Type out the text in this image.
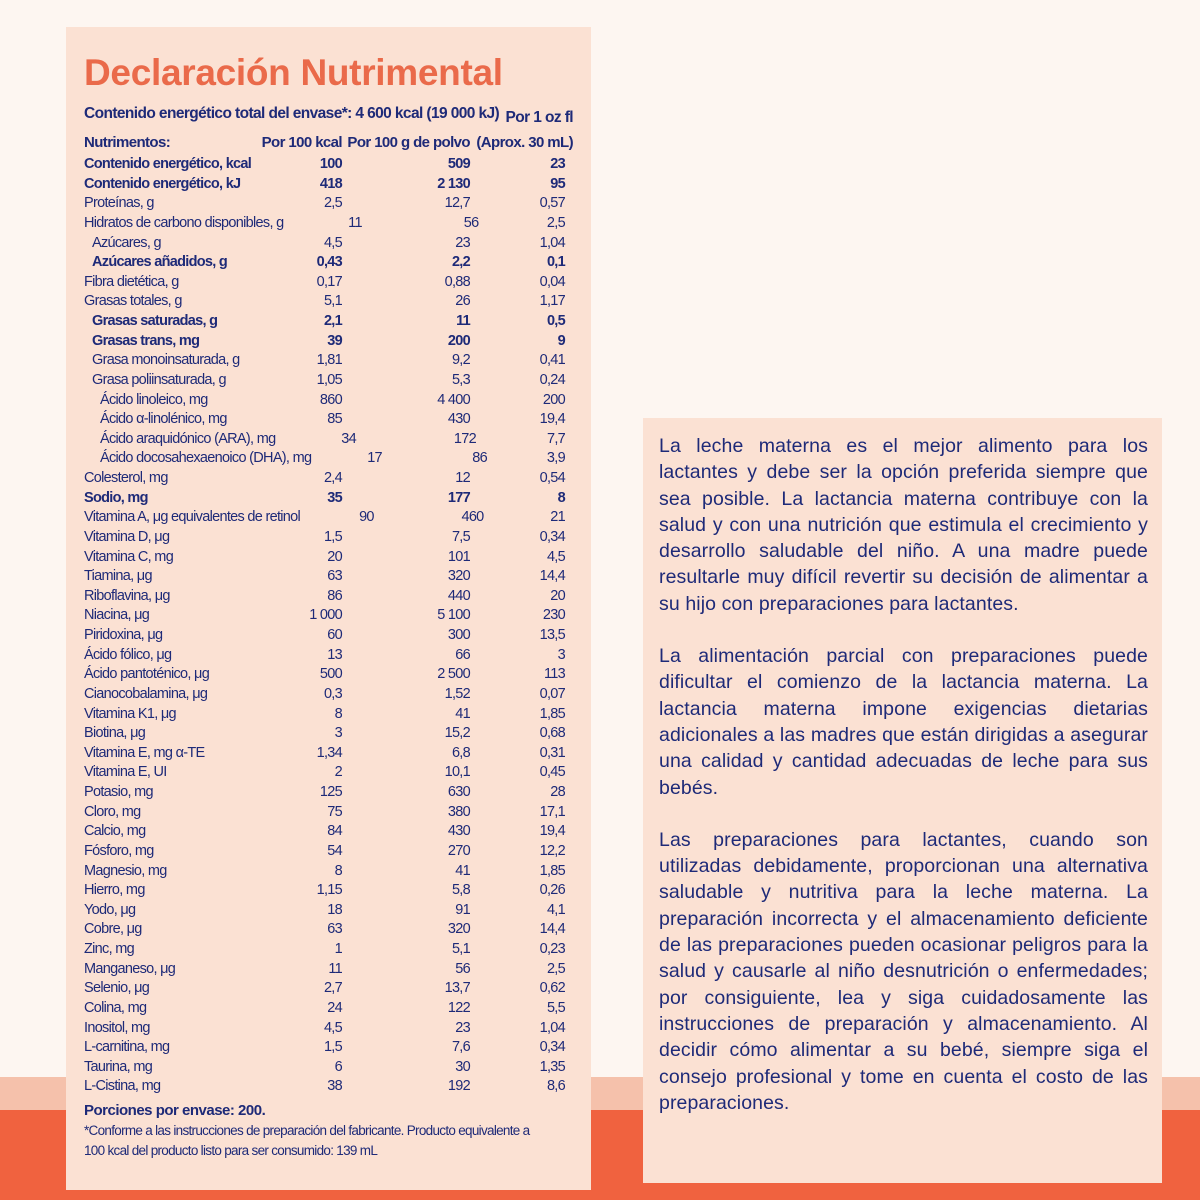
Declaración Nutrimental
Contenido energético total del envase*: 4 600 kcal (19 000 kJ) Por 1 oz fl
Nutrimentos:	Por 100 kcal Por 100 g de polvo (Aprox. 30 mL)
Contenido energético, kcal	100	509	23
Contenido energético, kJ	418	2 130	95
Proteínas, g	2,5	12,7	0,57
Hidratos de carbono disponibles, g	11	56	2,5
Azúcares, g	4,5	23	1,04
Azúcares añadidos, g	0,43	2,2	0,1
Fibra dietética, g	0,17	0,88	0,04
Grasas totales, g	5,1	26	1,17
Grasas saturadas, g	2,1	11	0,5
Grasas trans, mg	39	200	9
Grasa monoinsaturada, g	1,81	9,2	0,41
Grasa poliinsaturada, g	1,05	5,3	0,24
Ácido linoleico, mg	860	4 400	200
Ácido α-linolénico, mg	85	430	19,4
Ácido araquidónico (ARA), mg	34	172	7,7
Ácido docosahexaenoico (DHA), mg	17	86	3,9
Colesterol, mg	2,4	12	0,54
Sodio, mg	35	177	8
Vitamina A, μg equivalentes de retinol	90	460	21
Vitamina D, μg	1,5	7,5	0,34
Vitamina C, mg	20	101	4,5
Tiamina, μg	63	320	14,4
Riboflavina, μg	86	440	20
Niacina, μg	1 000	5 100	230
Piridoxina, μg	60	300	13,5
Ácido fólico, μg	13	66	3
Ácido pantoténico, μg	500	2 500	113
Cianocobalamina, μg	0,3	1,52	0,07
Vitamina K1, μg	8	41	1,85
Biotina, μg	3	15,2	0,68
Vitamina E, mg α-TE	1,34	6,8	0,31
Vitamina E, UI	2	10,1	0,45
Potasio, mg	125	630	28
Cloro, mg	75	380	17,1
Calcio, mg	84	430	19,4
Fósforo, mg	54	270	12,2
Magnesio, mg	8	41	1,85
Hierro, mg	1,15	5,8	0,26
Yodo, μg	18	91	4,1
Cobre, μg	63	320	14,4
Zinc, mg	1	5,1	0,23
Manganeso, μg	11	56	2,5
Selenio, μg	2,7	13,7	0,62
Colina, mg	24	122	5,5
Inositol, mg	4,5	23	1,04
L-carnitina, mg	1,5	7,6	0,34
Taurina, mg	6	30	1,35
L-Cistina, mg	38	192	8,6
Porciones por envase: 200.
*Conforme a las instrucciones de preparación del fabricante. Producto equivalente a
100 kcal del producto listo para ser consumido: 139 mL

La leche materna es el mejor alimento para los lactantes y debe ser la opción preferida siempre que sea posible. La lactancia materna contribuye con la salud y con una nutrición que estimula el crecimiento y desarrollo saludable del niño. A una madre puede resultarle muy difícil revertir su decisión de alimentar a su hijo con preparaciones para lactantes.

La alimentación parcial con preparaciones puede dificultar el comienzo de la lactancia materna. La lactancia materna impone exigencias dietarias adicionales a las madres que están dirigidas a asegurar una calidad y cantidad adecuadas de leche para sus bebés.

Las preparaciones para lactantes, cuando son utilizadas debidamente, proporcionan una alternativa saludable y nutritiva para la leche materna. La preparación incorrecta y el almacenamiento deficiente de las preparaciones pueden ocasionar peligros para la salud y causarle al niño desnutrición o enfermedades; por consiguiente, lea y siga cuidadosamente las instrucciones de preparación y almacenamiento. Al decidir cómo alimentar a su bebé, siempre siga el consejo profesional y tome en cuenta el costo de las preparaciones.
